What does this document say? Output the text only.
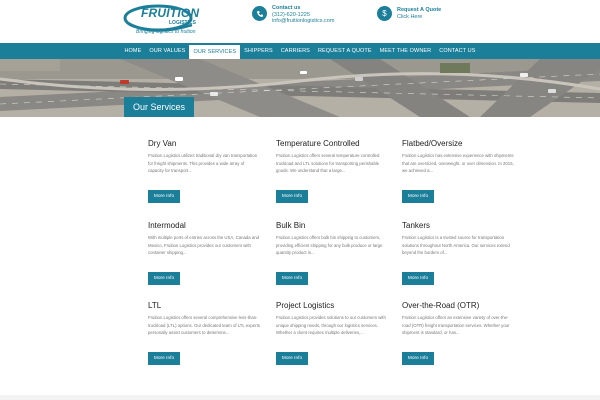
FRUITION
LOGISTICS
Bringing logistics to fruition
Contact us
(312)-620-1225
info@fruitionlogistics.com
$	Request A Quote
Click Here
HOME	OUR VALUES	OUR SERVICES	SHIPPERS	CARRIERS	REQUEST A QUOTE	MEET THE OWNER	CONTACT US
Our Services
Dry Van
Fruition Logistics utilizes traditional dry van transportation for freight shipments. This provides a wide array of capacity for transport...
More Info
Temperature Controlled
Fruition Logistics offers several temperature controlled truckload and LTL solutions for transporting perishable goods. We understand that a large...
More Info
Flatbed/Oversize
Fruition Logistics has extensive experience with shipments that are oversized, overweight, or over dimension. In 2015, we achieved a...
More Info
Intermodal
With multiple ports of entries across the USA, Canada and Mexico, Fruition Logistics provides our customers with container shipping...
More Info
Bulk Bin
Fruition Logistics offers bulk bin shipping to customers, providing efficient shipping for any bulk produce or large quantity product in...
More Info
Tankers
Fruition Logistics is a trusted source for transportation solutions throughout North America. Our services extend beyond the borders of...
More Info
LTL
Fruition Logistics offers several comprehensive less-than-truckload (LTL) options. Our dedicated team of LTL experts personally assist customers to determine...
More Info
Project Logistics
Fruition Logistics provides solutions to our customers with unique shipping needs, through our logistics services. Whether a client requires multiple deliveries,...
More Info
Over-the-Road (OTR)
Fruition Logistics offers an extensive variety of over-the-road (OTR) freight transportation services. Whether your shipment is standard, or has...
More Info
